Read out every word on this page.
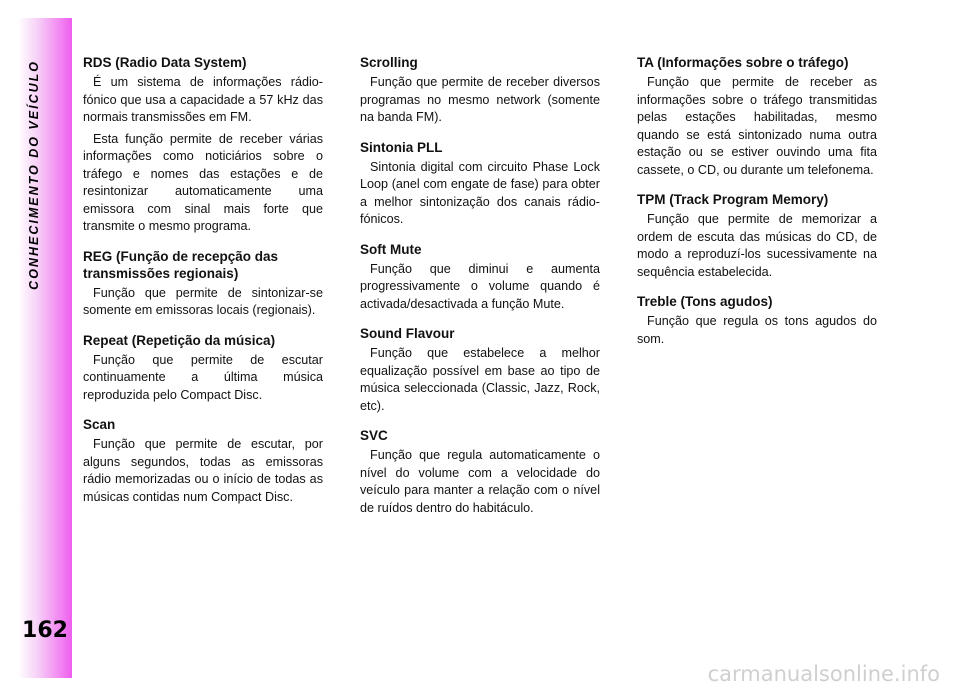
CONHECIMENTO DO VEÍCULO
162
RDS (Radio Data System)

É um sistema de informações rádio-fónico que usa a capacidade a 57 kHz das normais transmissões em FM.

Esta função permite de receber várias informações como noticiários sobre o tráfego e nomes das estações e de resintonizar automaticamente uma emissora com sinal mais forte que transmite o mesmo programa.

REG (Função de recepção das transmissões regionais)

Função que permite de sintonizar-se somente em emissoras locais (regionais).

Repeat (Repetição da música)

Função que permite de escutar continuamente a última música reproduzida pelo Compact Disc.

Scan

Função que permite de escutar, por alguns segundos, todas as emissoras rádio memorizadas ou o início de todas as músicas contidas num Compact Disc.

Scrolling

Função que permite de receber diversos programas no mesmo network (somente na banda FM).

Sintonia PLL

Sintonia digital com circuito Phase Lock Loop (anel com engate de fase) para obter a melhor sintonização dos canais rádio-fónicos.

Soft Mute

Função que diminui e aumenta progressivamente o volume quando é activada/desactivada a função Mute.

Sound Flavour

Função que estabelece a melhor equalização possível em base ao tipo de música seleccionada (Classic, Jazz, Rock, etc).

SVC

Função que regula automaticamente o nível do volume com a velocidade do veículo para manter a relação com o nível de ruídos dentro do habitáculo.

TA (Informações sobre o tráfego)

Função que permite de receber as informações sobre o tráfego transmitidas pelas estações habilitadas, mesmo quando se está sintonizado numa outra estação ou se estiver ouvindo uma fita cassete, o CD, ou durante um telefonema.

TPM (Track Program Memory)

Função que permite de memorizar a ordem de escuta das músicas do CD, de modo a reproduzí-los sucessivamente na sequência estabelecida.

Treble (Tons agudos)

Função que regula os tons agudos do som.

carmanualsonline.info
